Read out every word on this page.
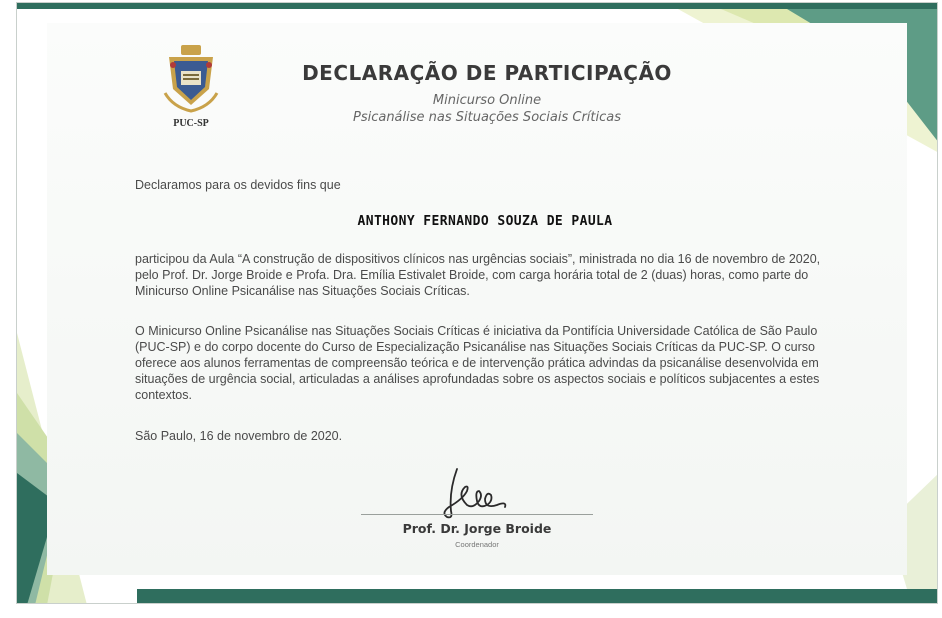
PUC-SP
DECLARAÇÃO DE PARTICIPAÇÃO
Minicurso Online
Psicanálise nas Situações Sociais Críticas
Declaramos para os devidos fins que
ANTHONY FERNANDO SOUZA DE PAULA
participou da Aula “A construção de dispositivos clínicos nas urgências sociais”, ministrada no dia 16 de novembro de 2020, pelo Prof. Dr. Jorge Broide e Profa. Dra. Emília Estivalet Broide, com carga horária total de 2 (duas) horas, como parte do Minicurso Online Psicanálise nas Situações Sociais Críticas.
O Minicurso Online Psicanálise nas Situações Sociais Críticas é iniciativa da Pontifícia Universidade Católica de São Paulo (PUC-SP) e do corpo docente do Curso de Especialização Psicanálise nas Situações Sociais Críticas da PUC-SP. O curso oferece aos alunos ferramentas de compreensão teórica e de intervenção prática advindas da psicanálise desenvolvida em situações de urgência social, articuladas a análises aprofundadas sobre os aspectos sociais e políticos subjacentes a estes contextos.
São Paulo, 16 de novembro de 2020.
Prof. Dr. Jorge Broide
Coordenador
